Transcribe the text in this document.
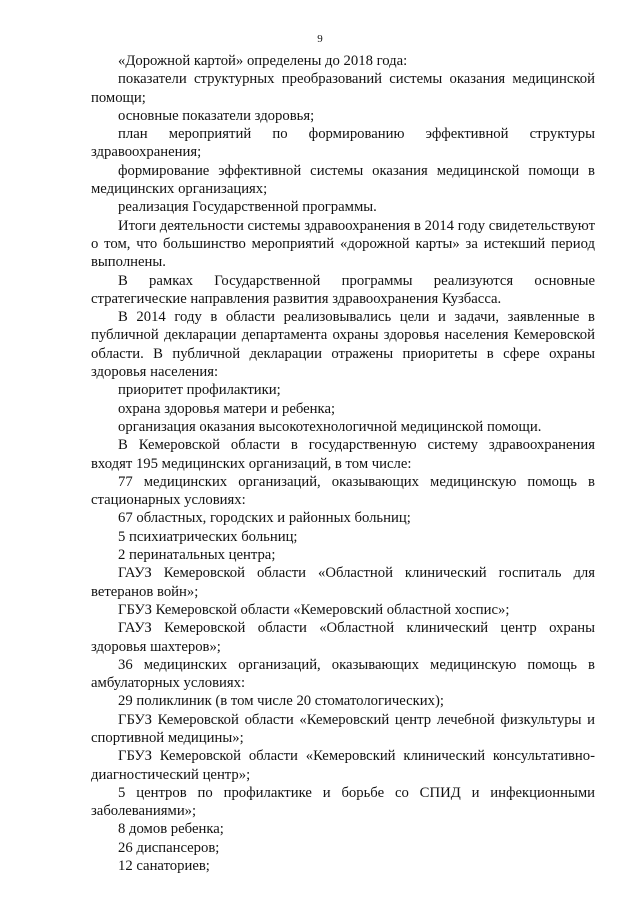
9

«Дорожной картой» определены до 2018 года:

показатели структурных преобразований системы оказания медицинской помощи;

основные показатели здоровья;

план мероприятий по формированию эффективной структуры здравоохранения;

формирование эффективной системы оказания медицинской помощи в медицинских организациях;

реализация Государственной программы.

Итоги деятельности системы здравоохранения в 2014 году свидетельствуют о том, что большинство мероприятий «дорожной карты» за истекший период выполнены.

В рамках Государственной программы реализуются основные стратегические направления развития здравоохранения Кузбасса.

В 2014 году в области реализовывались цели и задачи, заявленные в публичной декларации департамента охраны здоровья населения Кемеровской области. В публичной декларации отражены приоритеты в сфере охраны здоровья населения:

приоритет профилактики;

охрана здоровья матери и ребенка;

организация оказания высокотехнологичной медицинской помощи.

В Кемеровской области в государственную систему здравоохранения входят 195 медицинских организаций, в том числе:

77 медицинских организаций, оказывающих медицинскую помощь в стационарных условиях:

67 областных, городских и районных больниц;

5 психиатрических больниц;

2 перинатальных центра;

ГАУЗ Кемеровской области «Областной клинический госпиталь для ветеранов войн»;

ГБУЗ Кемеровской области «Кемеровский областной хоспис»;

ГАУЗ Кемеровской области «Областной клинический центр охраны здоровья шахтеров»;

36 медицинских организаций, оказывающих медицинскую помощь в амбулаторных условиях:

29 поликлиник (в том числе 20 стоматологических);

ГБУЗ Кемеровской области «Кемеровский центр лечебной физкультуры и спортивной медицины»;

ГБУЗ Кемеровской области «Кемеровский клинический консультативно-диагностический центр»;

5 центров по профилактике и борьбе со СПИД и инфекционными заболеваниями»;

8 домов ребенка;

26 диспансеров;

12 санаториев;
